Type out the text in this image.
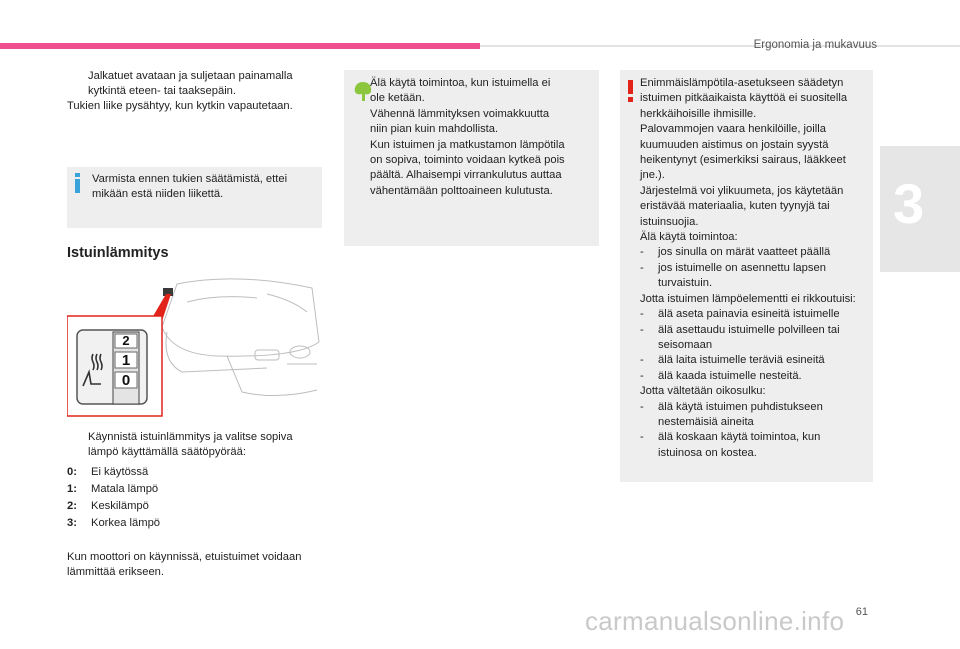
Ergonomia ja mukavuus
3
Jalkatuet avataan ja suljetaan painamalla
kytkintä eteen- tai taaksepäin.
Tukien liike pysähtyy, kun kytkin vapautetaan.
Varmista ennen tukien säätämistä, ettei
mikään estä niiden liikettä.
Istuinlämmitys
2
1
0
Käynnistä istuinlämmitys ja valitse sopiva
lämpö käyttämällä säätöpyörää:
0:	Ei käytössä
1:	Matala lämpö
2:	Keskilämpö
3:	Korkea lämpö
Kun moottori on käynnissä, etuistuimet voidaan
lämmittää erikseen.
Älä käytä toimintoa, kun istuimella ei
ole ketään.
Vähennä lämmityksen voimakkuutta
niin pian kuin mahdollista.
Kun istuimen ja matkustamon lämpötila
on sopiva, toiminto voidaan kytkeä pois
päältä. Alhaisempi virrankulutus auttaa
vähentämään polttoaineen kulutusta.
Enimmäislämpötila-asetukseen säädetyn
istuimen pitkäaikaista käyttöä ei suositella
herkkäihoisille ihmisille.
Palovammojen vaara henkilöille, joilla
kuumuuden aistimus on jostain syystä
heikentynyt (esimerkiksi sairaus, lääkkeet
jne.).
Järjestelmä voi ylikuumeta, jos käytetään
eristävää materiaalia, kuten tyynyjä tai
istuinsuojia.
Älä käytä toimintoa:
-	jos sinulla on märät vaatteet päällä
-	jos istuimelle on asennettu lapsen
turvaistuin.
Jotta istuimen lämpöelementti ei rikkoutuisi:
-	älä aseta painavia esineitä istuimelle
-	älä asettaudu istuimelle polvilleen tai
seisomaan
-	älä laita istuimelle teräviä esineitä
-	älä kaada istuimelle nesteitä.
Jotta vältetään oikosulku:
-	älä käytä istuimen puhdistukseen
nestemäisiä aineita
-	älä koskaan käytä toimintoa, kun
istuinosa on kostea.
61
carmanualsonline.info
